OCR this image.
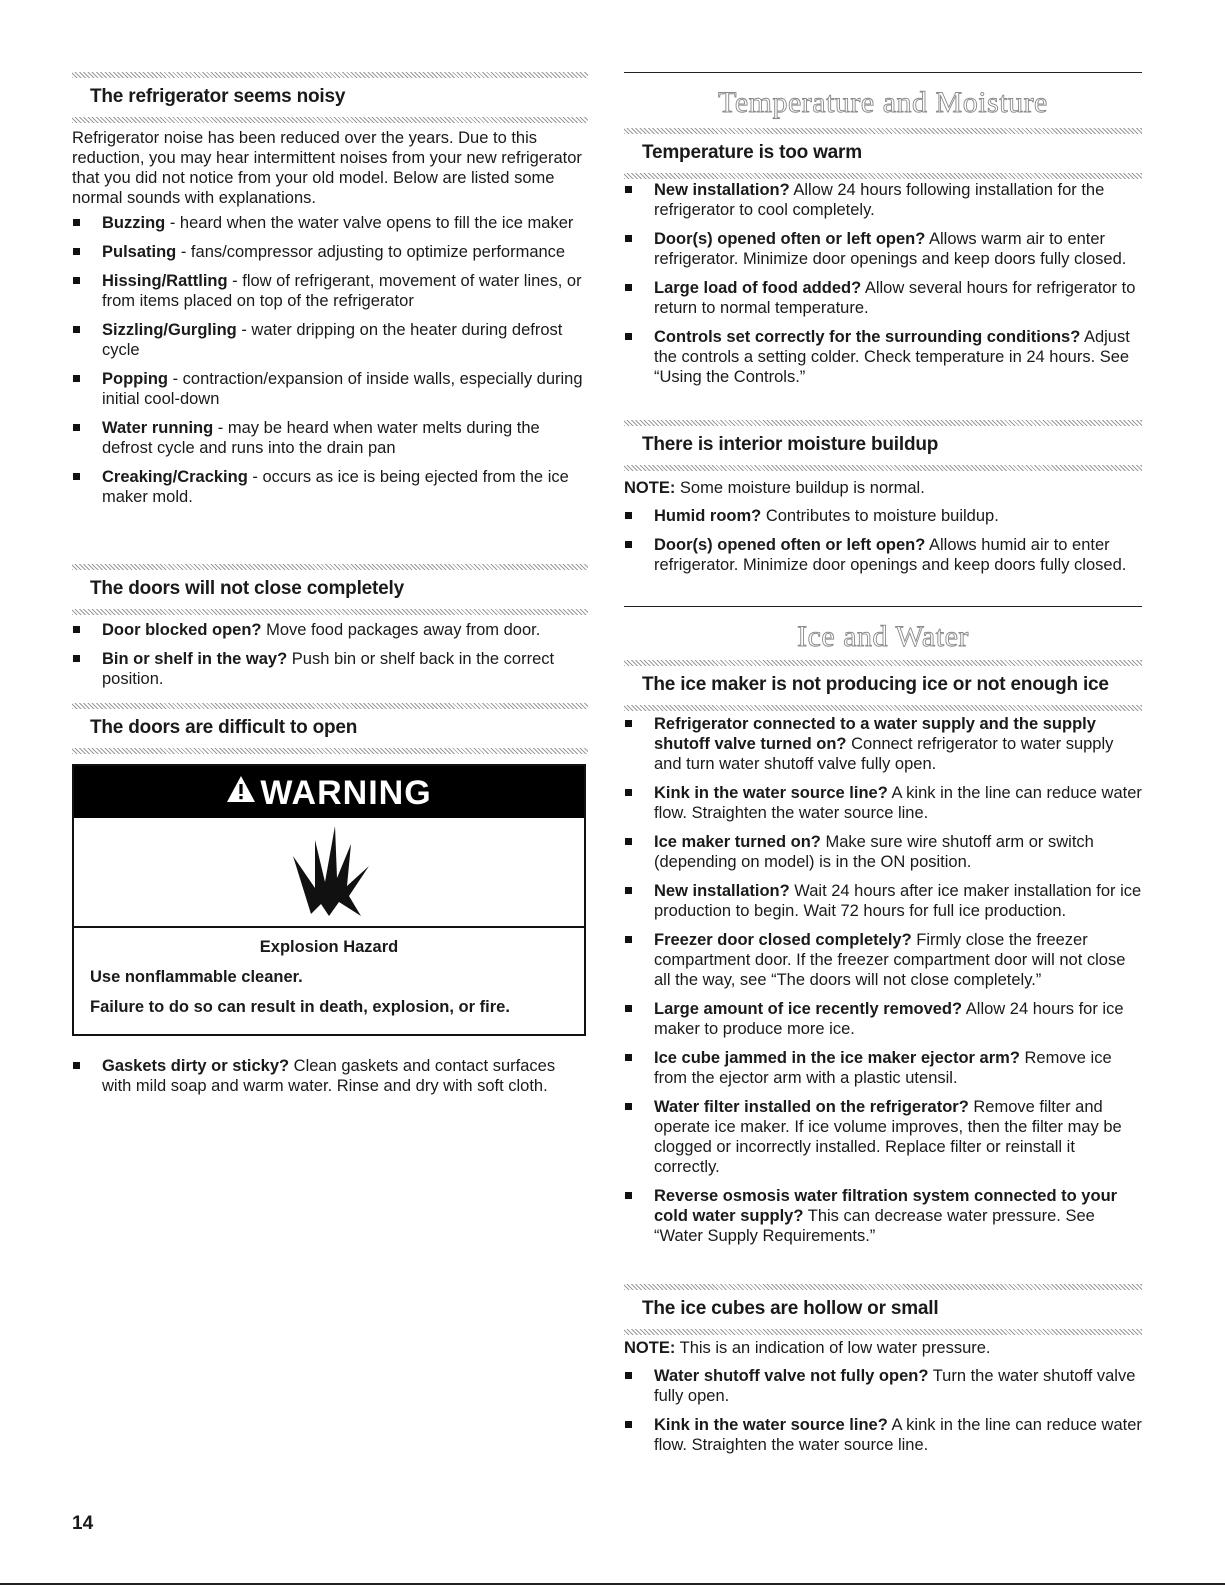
The refrigerator seems noisy

Refrigerator noise has been reduced over the years. Due to this reduction, you may hear intermittent noises from your new refrigerator that you did not notice from your old model. Below are listed some normal sounds with explanations.

Buzzing - heard when the water valve opens to fill the ice maker
Pulsating - fans/compressor adjusting to optimize performance
Hissing/Rattling - flow of refrigerant, movement of water lines, or from items placed on top of the refrigerator
Sizzling/Gurgling - water dripping on the heater during defrost cycle
Popping - contraction/expansion of inside walls, especially during initial cool-down
Water running - may be heard when water melts during the defrost cycle and runs into the drain pan
Creaking/Cracking - occurs as ice is being ejected from the ice maker mold.
The doors will not close completely
Door blocked open? Move food packages away from door.
Bin or shelf in the way? Push bin or shelf back in the correct position.
The doors are difficult to open
WARNING
Explosion Hazard
Use nonflammable cleaner.
Failure to do so can result in death, explosion, or fire.
Gaskets dirty or sticky? Clean gaskets and contact surfaces with mild soap and warm water. Rinse and dry with soft cloth.
Temperature and Moisture
Temperature is too warm
New installation? Allow 24 hours following installation for the refrigerator to cool completely.
Door(s) opened often or left open? Allows warm air to enter refrigerator. Minimize door openings and keep doors fully closed.
Large load of food added? Allow several hours for refrigerator to return to normal temperature.
Controls set correctly for the surrounding conditions? Adjust the controls a setting colder. Check temperature in 24 hours. See “Using the Controls.”
There is interior moisture buildup

NOTE: Some moisture buildup is normal.

Humid room? Contributes to moisture buildup.
Door(s) opened often or left open? Allows humid air to enter refrigerator. Minimize door openings and keep doors fully closed.
Ice and Water
The ice maker is not producing ice or not enough ice
Refrigerator connected to a water supply and the supply shutoff valve turned on? Connect refrigerator to water supply and turn water shutoff valve fully open.
Kink in the water source line? A kink in the line can reduce water flow. Straighten the water source line.
Ice maker turned on? Make sure wire shutoff arm or switch (depending on model) is in the ON position.
New installation? Wait 24 hours after ice maker installation for ice production to begin. Wait 72 hours for full ice production.
Freezer door closed completely? Firmly close the freezer compartment door. If the freezer compartment door will not close all the way, see “The doors will not close completely.”
Large amount of ice recently removed? Allow 24 hours for ice maker to produce more ice.
Ice cube jammed in the ice maker ejector arm? Remove ice from the ejector arm with a plastic utensil.
Water filter installed on the refrigerator? Remove filter and operate ice maker. If ice volume improves, then the filter may be clogged or incorrectly installed. Replace filter or reinstall it correctly.
Reverse osmosis water filtration system connected to your cold water supply? This can decrease water pressure. See “Water Supply Requirements.”
The ice cubes are hollow or small

NOTE: This is an indication of low water pressure.

Water shutoff valve not fully open? Turn the water shutoff valve fully open.
Kink in the water source line? A kink in the line can reduce water flow. Straighten the water source line.
14
